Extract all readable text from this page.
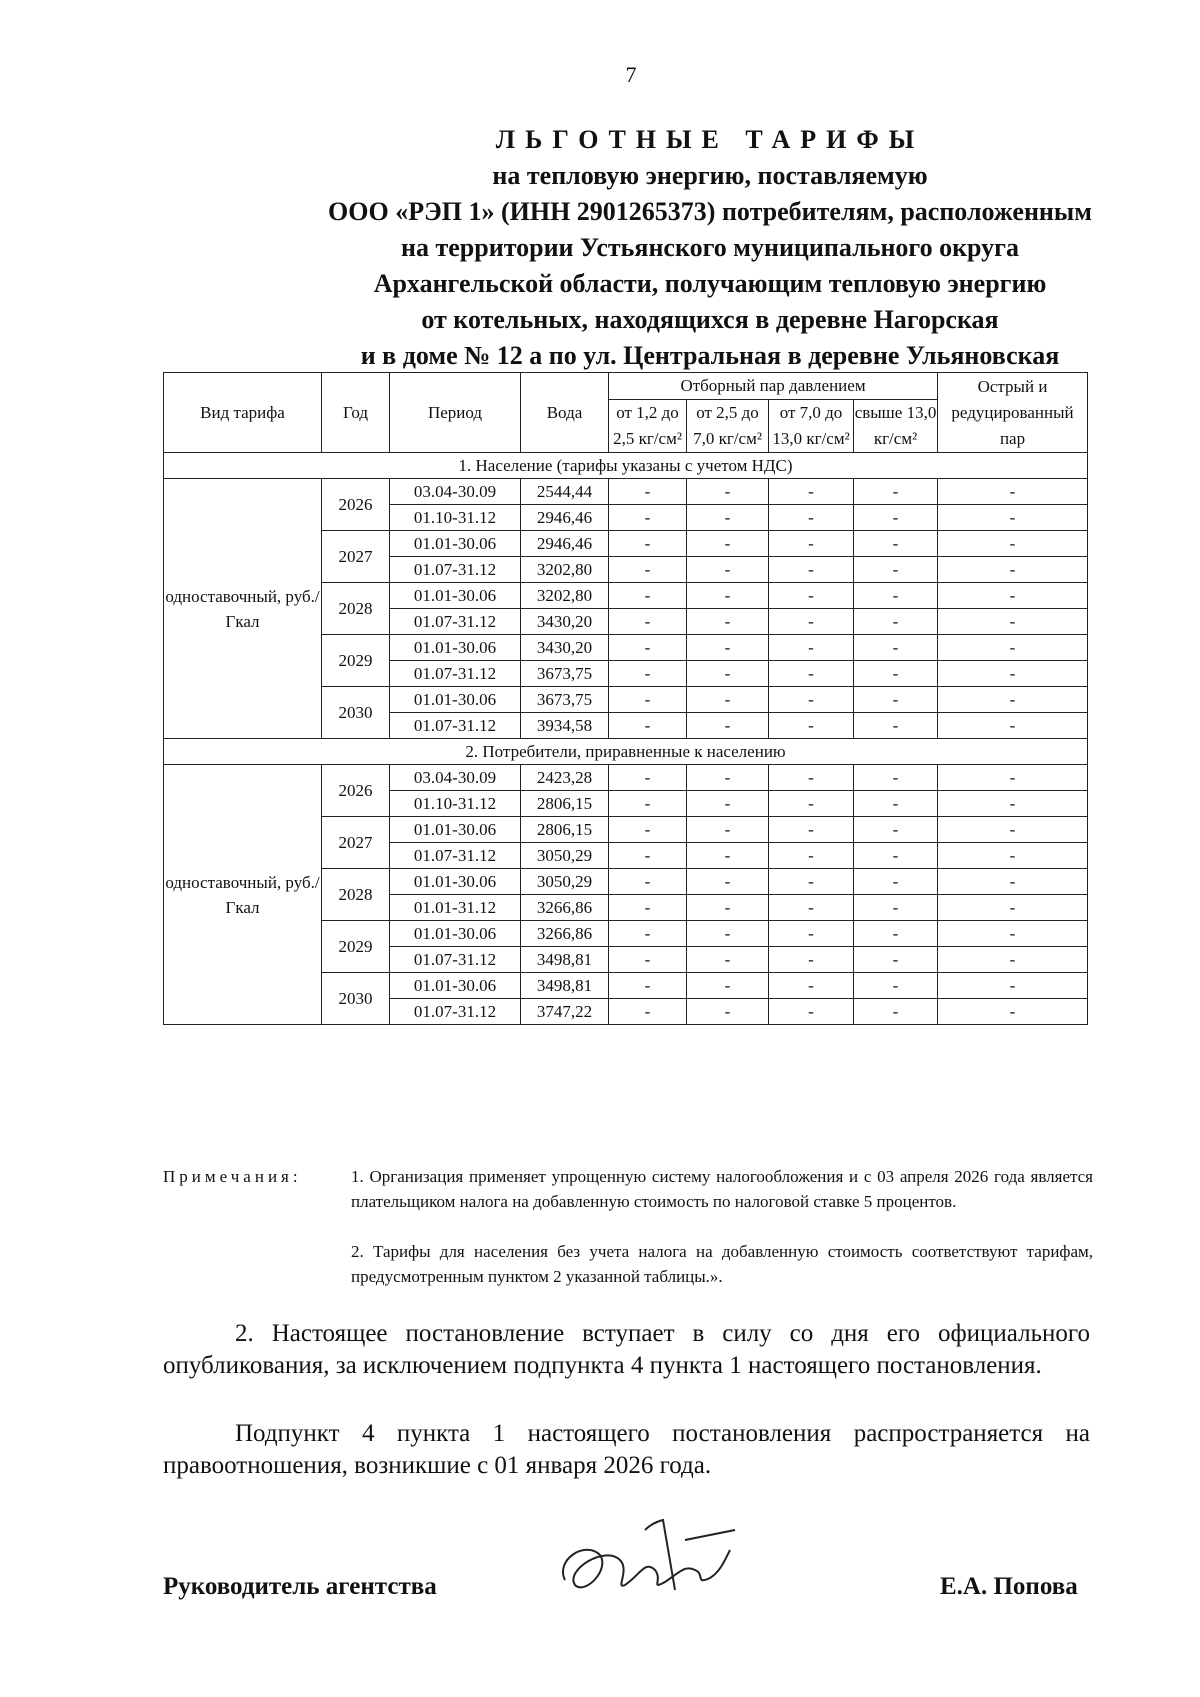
7
ЛЬГОТНЫЕ ТАРИФЫ
на тепловую энергию, поставляемую
ООО «РЭП 1» (ИНН 2901265373) потребителям, расположенным
на территории Устьянского муниципального округа
Архангельской области, получающим тепловую энергию
от котельных, находящихся в деревне Нагорская
и в доме № 12 а по ул. Центральная в деревне Ульяновская
Вид тарифа	Год	Период	Вода	Отборный пар давлением				Острый и редуцированный пар
				от 1,2 до 2,5 кг/см²	от 2,5 до 7,0 кг/см²	от 7,0 до 13,0 кг/см²	свыше 13,0 кг/см²	
1. Население (тарифы указаны с учетом НДС)								
одноставочный, руб./Гкал	2026	03.04-30.09	2544,44	-	-	-	-	-
		01.10-31.12	2946,46	-	-	-	-	-
	2027	01.01-30.06	2946,46	-	-	-	-	-
		01.07-31.12	3202,80	-	-	-	-	-
	2028	01.01-30.06	3202,80	-	-	-	-	-
		01.07-31.12	3430,20	-	-	-	-	-
	2029	01.01-30.06	3430,20	-	-	-	-	-
		01.07-31.12	3673,75	-	-	-	-	-
	2030	01.01-30.06	3673,75	-	-	-	-	-
		01.07-31.12	3934,58	-	-	-	-	-
2. Потребители, приравненные к населению								
одноставочный, руб./Гкал	2026	03.04-30.09	2423,28	-	-	-	-	-
		01.10-31.12	2806,15	-	-	-	-	-
	2027	01.01-30.06	2806,15	-	-	-	-	-
		01.07-31.12	3050,29	-	-	-	-	-
	2028	01.01-30.06	3050,29	-	-	-	-	-
		01.01-31.12	3266,86	-	-	-	-	-
	2029	01.01-30.06	3266,86	-	-	-	-	-
		01.07-31.12	3498,81	-	-	-	-	-
	2030	01.01-30.06	3498,81	-	-	-	-	-
		01.07-31.12	3747,22	-	-	-	-	-
Примечания:	1. Организация применяет упрощенную систему налогообложения и с 03 апреля 2026 года является плательщиком налога на добавленную стоимость по налоговой ставке 5 процентов.
2. Тарифы для населения без учета налога на добавленную стоимость соответствуют тарифам, предусмотренным пунктом 2 указанной таблицы.».
2. Настоящее постановление вступает в силу со дня его официального опубликования, за исключением подпункта 4 пункта 1 настоящего постановления.
Подпункт 4 пункта 1 настоящего постановления распространяется на правоотношения, возникшие с 01 января 2026 года.
Руководитель агентства	Е.А. Попова
